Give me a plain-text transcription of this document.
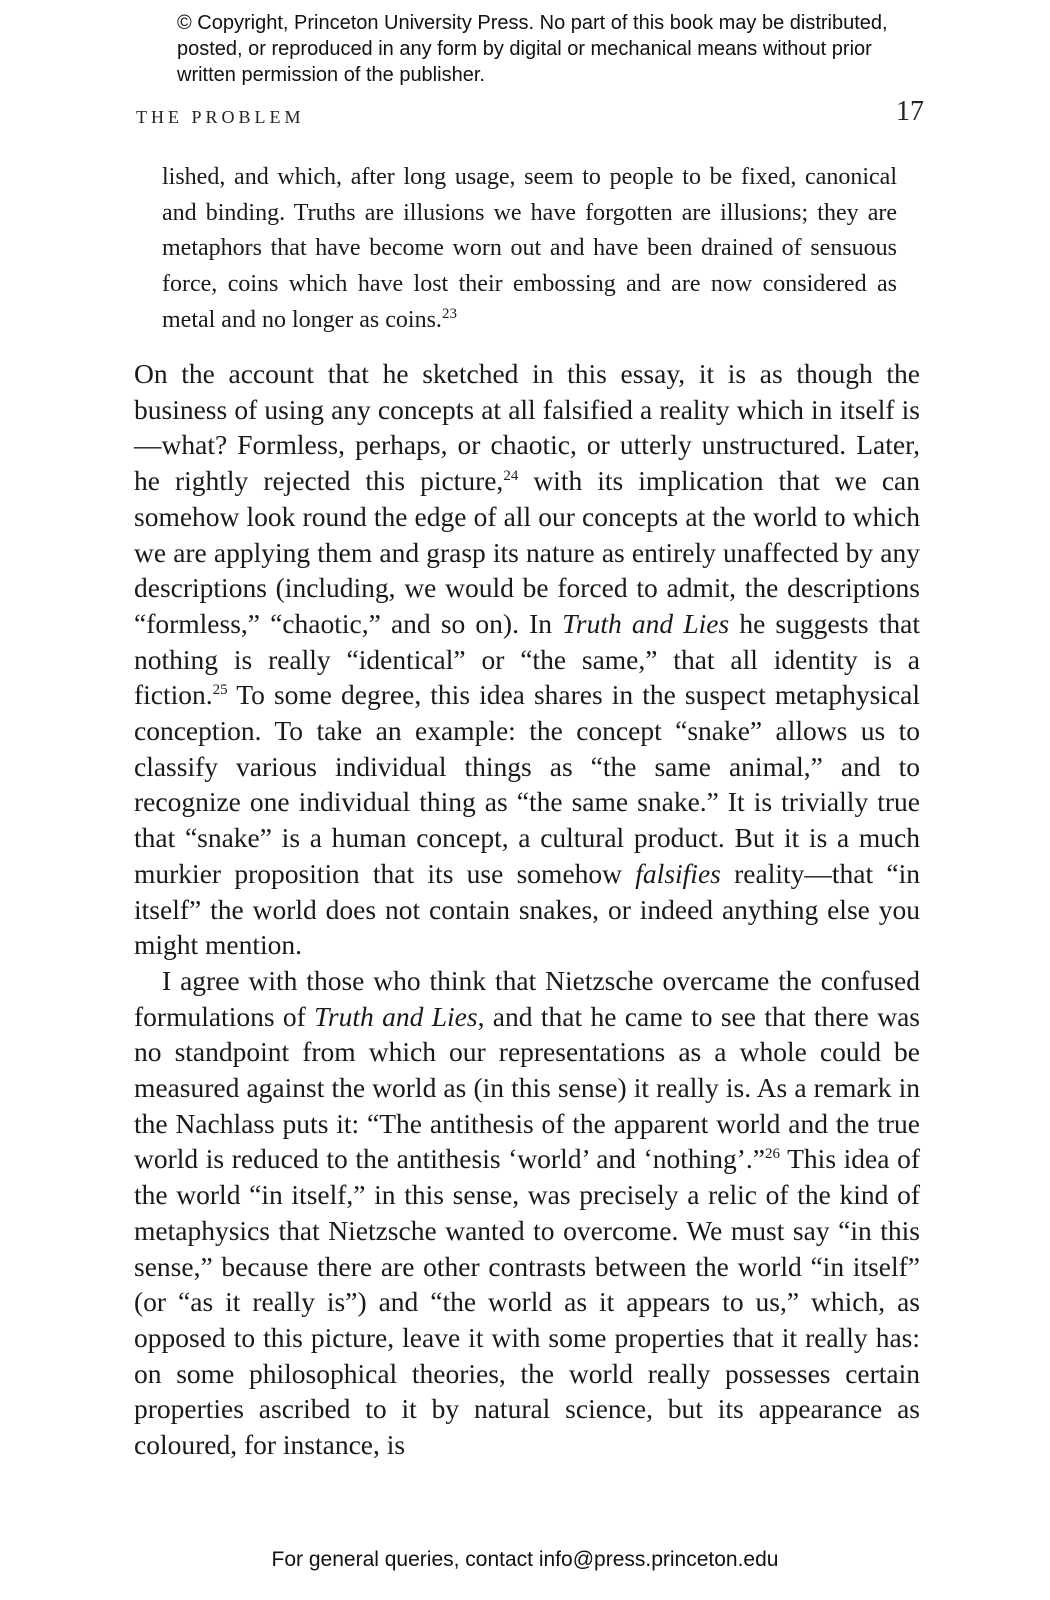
© Copyright, Princeton University Press. No part of this book may be distributed, posted, or reproduced in any form by digital or mechanical means without prior written permission of the publisher.
THE PROBLEM	17

lished, and which, after long usage, seem to people to be fixed, canonical and binding. Truths are illusions we have forgotten are illusions; they are metaphors that have become worn out and have been drained of sensuous force, coins which have lost their embossing and are now considered as metal and no longer as coins.$^{23}$

On the account that he sketched in this essay, it is as though the business of using any concepts at all falsified a reality which in itself is—what? Formless, perhaps, or chaotic, or utterly unstructured. Later, he rightly rejected this picture,$^{24}$ with its implication that we can somehow look round the edge of all our concepts at the world to which we are applying them and grasp its nature as entirely unaffected by any descriptions (including, we would be forced to admit, the descriptions “formless,” “chaotic,” and so on). In Truth and Lies he suggests that nothing is really “identical” or “the same,” that all identity is a fiction.$^{25}$ To some degree, this idea shares in the suspect metaphysical conception. To take an example: the concept “snake” allows us to classify various individual things as “the same animal,” and to recognize one individual thing as “the same snake.” It is trivially true that “snake” is a human concept, a cultural product. But it is a much murkier proposition that its use somehow falsifies reality—that “in itself” the world does not contain snakes, or indeed anything else you might mention.

I agree with those who think that Nietzsche overcame the confused formulations of Truth and Lies, and that he came to see that there was no standpoint from which our representations as a whole could be measured against the world as (in this sense) it really is. As a remark in the Nachlass puts it: “The antithesis of the apparent world and the true world is reduced to the antithesis ‘world’ and ‘nothing’.”$^{26}$ This idea of the world “in itself,” in this sense, was precisely a relic of the kind of metaphysics that Nietzsche wanted to overcome. We must say “in this sense,” because there are other contrasts between the world “in itself” (or “as it really is”) and “the world as it appears to us,” which, as opposed to this picture, leave it with some properties that it really has: on some philosophical theories, the world really possesses certain properties ascribed to it by natural science, but its appearance as coloured, for instance, is

For general queries, contact info@press.princeton.edu
